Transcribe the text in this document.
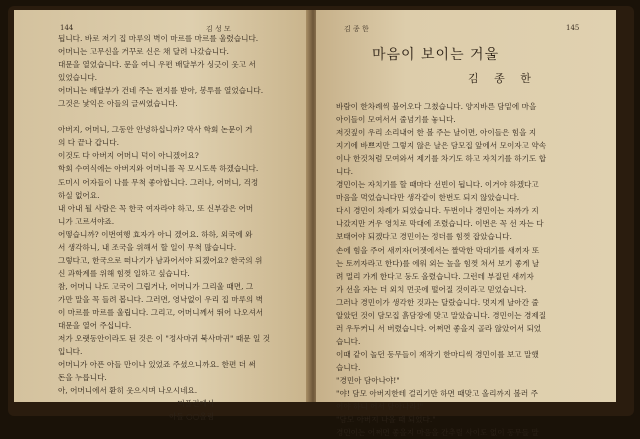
144	김 성 모	김 종 한	145
됩니다. 바로 저기 집 마루의 벽이 마르를 마르를 울렸습니다.
어머니는 고무신을 거꾸로 신은 채 달려 나갔습니다.
대문을 열었습니다. 문을 여니 우편 배달부가 싱긋이 웃고 서
있었습니다.
어머니는 배달부가 건네 주는 편지를 받아, 봉투를 열었습니다.
그것은 낯익은 아들의 글씨였습니다.
아버지, 어머니, 그동안 안녕하십니까? 막사 학회 논문이 거
의 다 끝나 갑니다.
이것도 다 아버지 어머니 덕이 아니겠어요?
학회 수여식에는 아버지와 어머니를 꼭 모시도록 하겠습니다.
도미시 어자들이 나를 무척 좋아합니다. 그러나, 어머니, 걱정
하실 없어요.
내 아내 될 사람은 꼭 한국 여자라야 하고, 또 신부감은 어머
니가 고르셔야죠.
어떻습니까? 이번여행 효자가 아니 겠어요. 하하, 외국에 와
서 생각하니, 내 조국을 위해서 할 일이 무척 많습니다.
그렇다고, 한국으로 떠나기가 남과어서야 되겠어요? 한국의 위
신 과학계를 위해 힘껏 일하고 싶습니다.
참, 어머니 나도 고국이 그립거나, 어머니가 그리울 때면, 그
가만 말을 꼭 들려 봅니다. 그러면, 영낙없이 우리 집 마루의 벽
이 마르를 마르를 울립니다. 그리고, 어머니께서 뛰어 나오셔서
대문을 열어 주십니다.
저가 오랫동안이라도 된 것은 이 "정사마귀 북사마귀" 때문 일 것
입니다.
어머니가 아픈 아들 만이나 있었죠 주셨으니까요. 한편 더 써
돈을 누릅니다.
아, 어머니에서 환히 웃으시며 나오시네요.
머플린에서
아들 ○○올림
마음이 보이는 거울
김 종 한
바람이 한차례씩 불어오다 그쳤습니다. 양지바른 담밑에 마을
아이들이 모여서서 줄넘기를 놓니다.
저것짚이 우리 소리내어 한 볼 주는 날이면, 아이들은 힘을 지
지기에 바쁘지만 그렇지 않은 날은 담모집 앞에서 모이자고 약속
이나 한것처럼 모여와서 제기를 차기도 하고 자치기를 하기도 합
니다.
경민이는 자치기를 할 때마다 선빈이 됩니다. 이거야 하겠다고
마음을 먹었습니다만 생각같이 한번도 되지 않았습니다.
다시 경민이 차례가 되었습니다. 두번이나 경민이는 자까가 지
나갔지만 거우 영치로 막대에 조렸습니다. 이번은 꼭 선 자는 다
보태어야 되겠다고 경민이는 정더를 힘껏 잡았습니다.
손에 힘을 주어 새끼자(어젯에서는 짤막한 막대기를 새끼자 또
는 토끼자라고 한다)를 에워 외는 높을 힘껏 쳐서 보기 좋게 날
려 멀리 가게 한다고 둥도 올렸습니다. 그런데 부질던 새끼자
가 선을 자는 더 외치 먼곳에 떨어질 것이라고 믿었습니다.
그러나 경민이가 생각한 것과는 달랐습니다. 멋지게 날아간 줄
알았던 것이 담모집 흙담장에 맞고 말았습니다. 경민이는 경제질
러 우두커니 서 버렸습니다. 어쩌면 좋을지 골라 않았어서 되었
습니다.
이때 같이 놀던 동무들이 재작기 한마디씩 경민이를 보고 말했
습니다.
"경민아 담아나야!"
"야! 담모 아버지한테 걸리기만 하면 때맞고 올리까지 볼러 주
어야 하니 어서 담아나라!"
"담모 아버지 나올 때 되었다."
경민이는 어쩌면 좋을지 마음을 간추릴 사이도 없이 동무들 말
